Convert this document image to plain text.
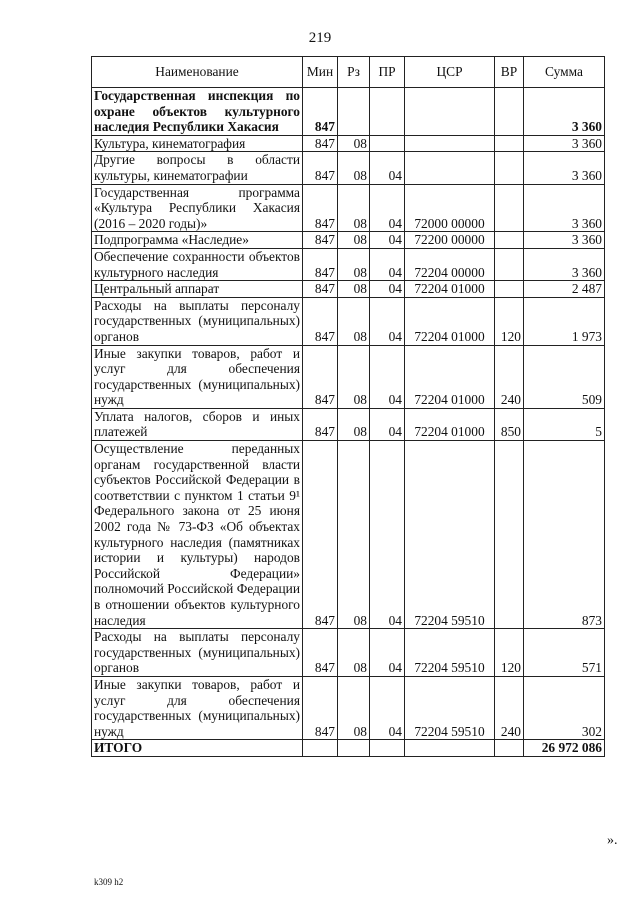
219
Наименование	Мин	Рз	ПР	ЦСР	ВР	Сумма
Государственная инспекция по охране объектов культурного наследия Республики Хакасия	847					3 360
Культура, кинематография	847	08				3 360
Другие вопросы в области культуры, кинематографии	847	08	04			3 360
Государственная программа «Культура Республики Хакасия (2016 – 2020 годы)»	847	08	04	72000 00000		3 360
Подпрограмма «Наследие»	847	08	04	72200 00000		3 360
Обеспечение сохранности объектов культурного наследия	847	08	04	72204 00000		3 360
Центральный аппарат	847	08	04	72204 01000		2 487
Расходы на выплаты персоналу государственных (муниципальных) органов	847	08	04	72204 01000	120	1 973
Иные закупки товаров, работ и услуг для обеспечения государственных (муниципальных) нужд	847	08	04	72204 01000	240	509
Уплата налогов, сборов и иных платежей	847	08	04	72204 01000	850	5
Осуществление переданных органам государственной власти субъектов Российской Федерации в соответствии с пунктом 1 статьи 9¹ Федерального закона от 25 июня 2002 года № 73-ФЗ «Об объектах культурного наследия (памятниках истории и культуры) народов Российской Федерации» полномочий Российской Федерации в отношении объектов культурного наследия	847	08	04	72204 59510		873
Расходы на выплаты персоналу государственных (муниципальных) органов	847	08	04	72204 59510	120	571
Иные закупки товаров, работ и услуг для обеспечения государственных (муниципальных) нужд	847	08	04	72204 59510	240	302
ИТОГО						26 972 086
».
k309 h2
